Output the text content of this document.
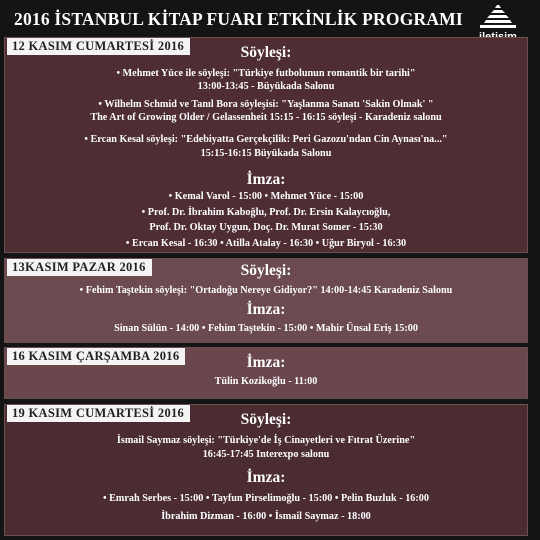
2016 İSTANBUL KİTAP FUARI ETKİNLİK PROGRAMI
12 KASIM CUMARTESİ 2016	Söyleşi:
• Mehmet Yüce ile söyleşi: "Türkiye futbolunun romantik bir tarihi"
13:00-13:45 - Büyükada Salonu
• Wilhelm Schmid ve Tanıl Bora söyleşisi: "Yaşlanma Sanatı 'Sakin Olmak' "
The Art of Growing Older / Gelassenheit 15:15 - 16:15 söyleşi - Karadeniz salonu
• Ercan Kesal söyleşi: "Edebiyatta Gerçekçilik: Peri Gazozu'ndan Cin Aynası'na..."
15:15-16:15 Büyükada Salonu
İmza:
• Kemal Varol - 15:00 • Mehmet Yüce - 15:00
• Prof. Dr. İbrahim Kaboğlu, Prof. Dr. Ersin Kalaycıoğlu,
Prof. Dr. Oktay Uygun, Doç. Dr. Murat Somer - 15:30
• Ercan Kesal - 16:30 • Atilla Atalay - 16:30 • Uğur Biryol - 16:30
13KASIM PAZAR 2016	Söyleşi:
• Fehim Taştekin söyleşi: "Ortadoğu Nereye Gidiyor?" 14:00-14:45 Karadeniz Salonu
İmza:
Sinan Sülün - 14:00 • Fehim Taştekin - 15:00 • Mahir Ünsal Eriş 15:00
16 KASIM ÇARŞAMBA 2016	İmza:
Tülin Kozikoğlu - 11:00
19 KASIM CUMARTESİ 2016	Söyleşi:
İsmail Saymaz söyleşi: "Türkiye'de İş Cinayetleri ve Fıtrat Üzerine"
16:45-17:45 Interexpo salonu
İmza:
• Emrah Serbes - 15:00 • Tayfun Pirselimoğlu - 15:00 • Pelin Buzluk - 16:00
İbrahim Dizman - 16:00 • İsmail Saymaz - 18:00
